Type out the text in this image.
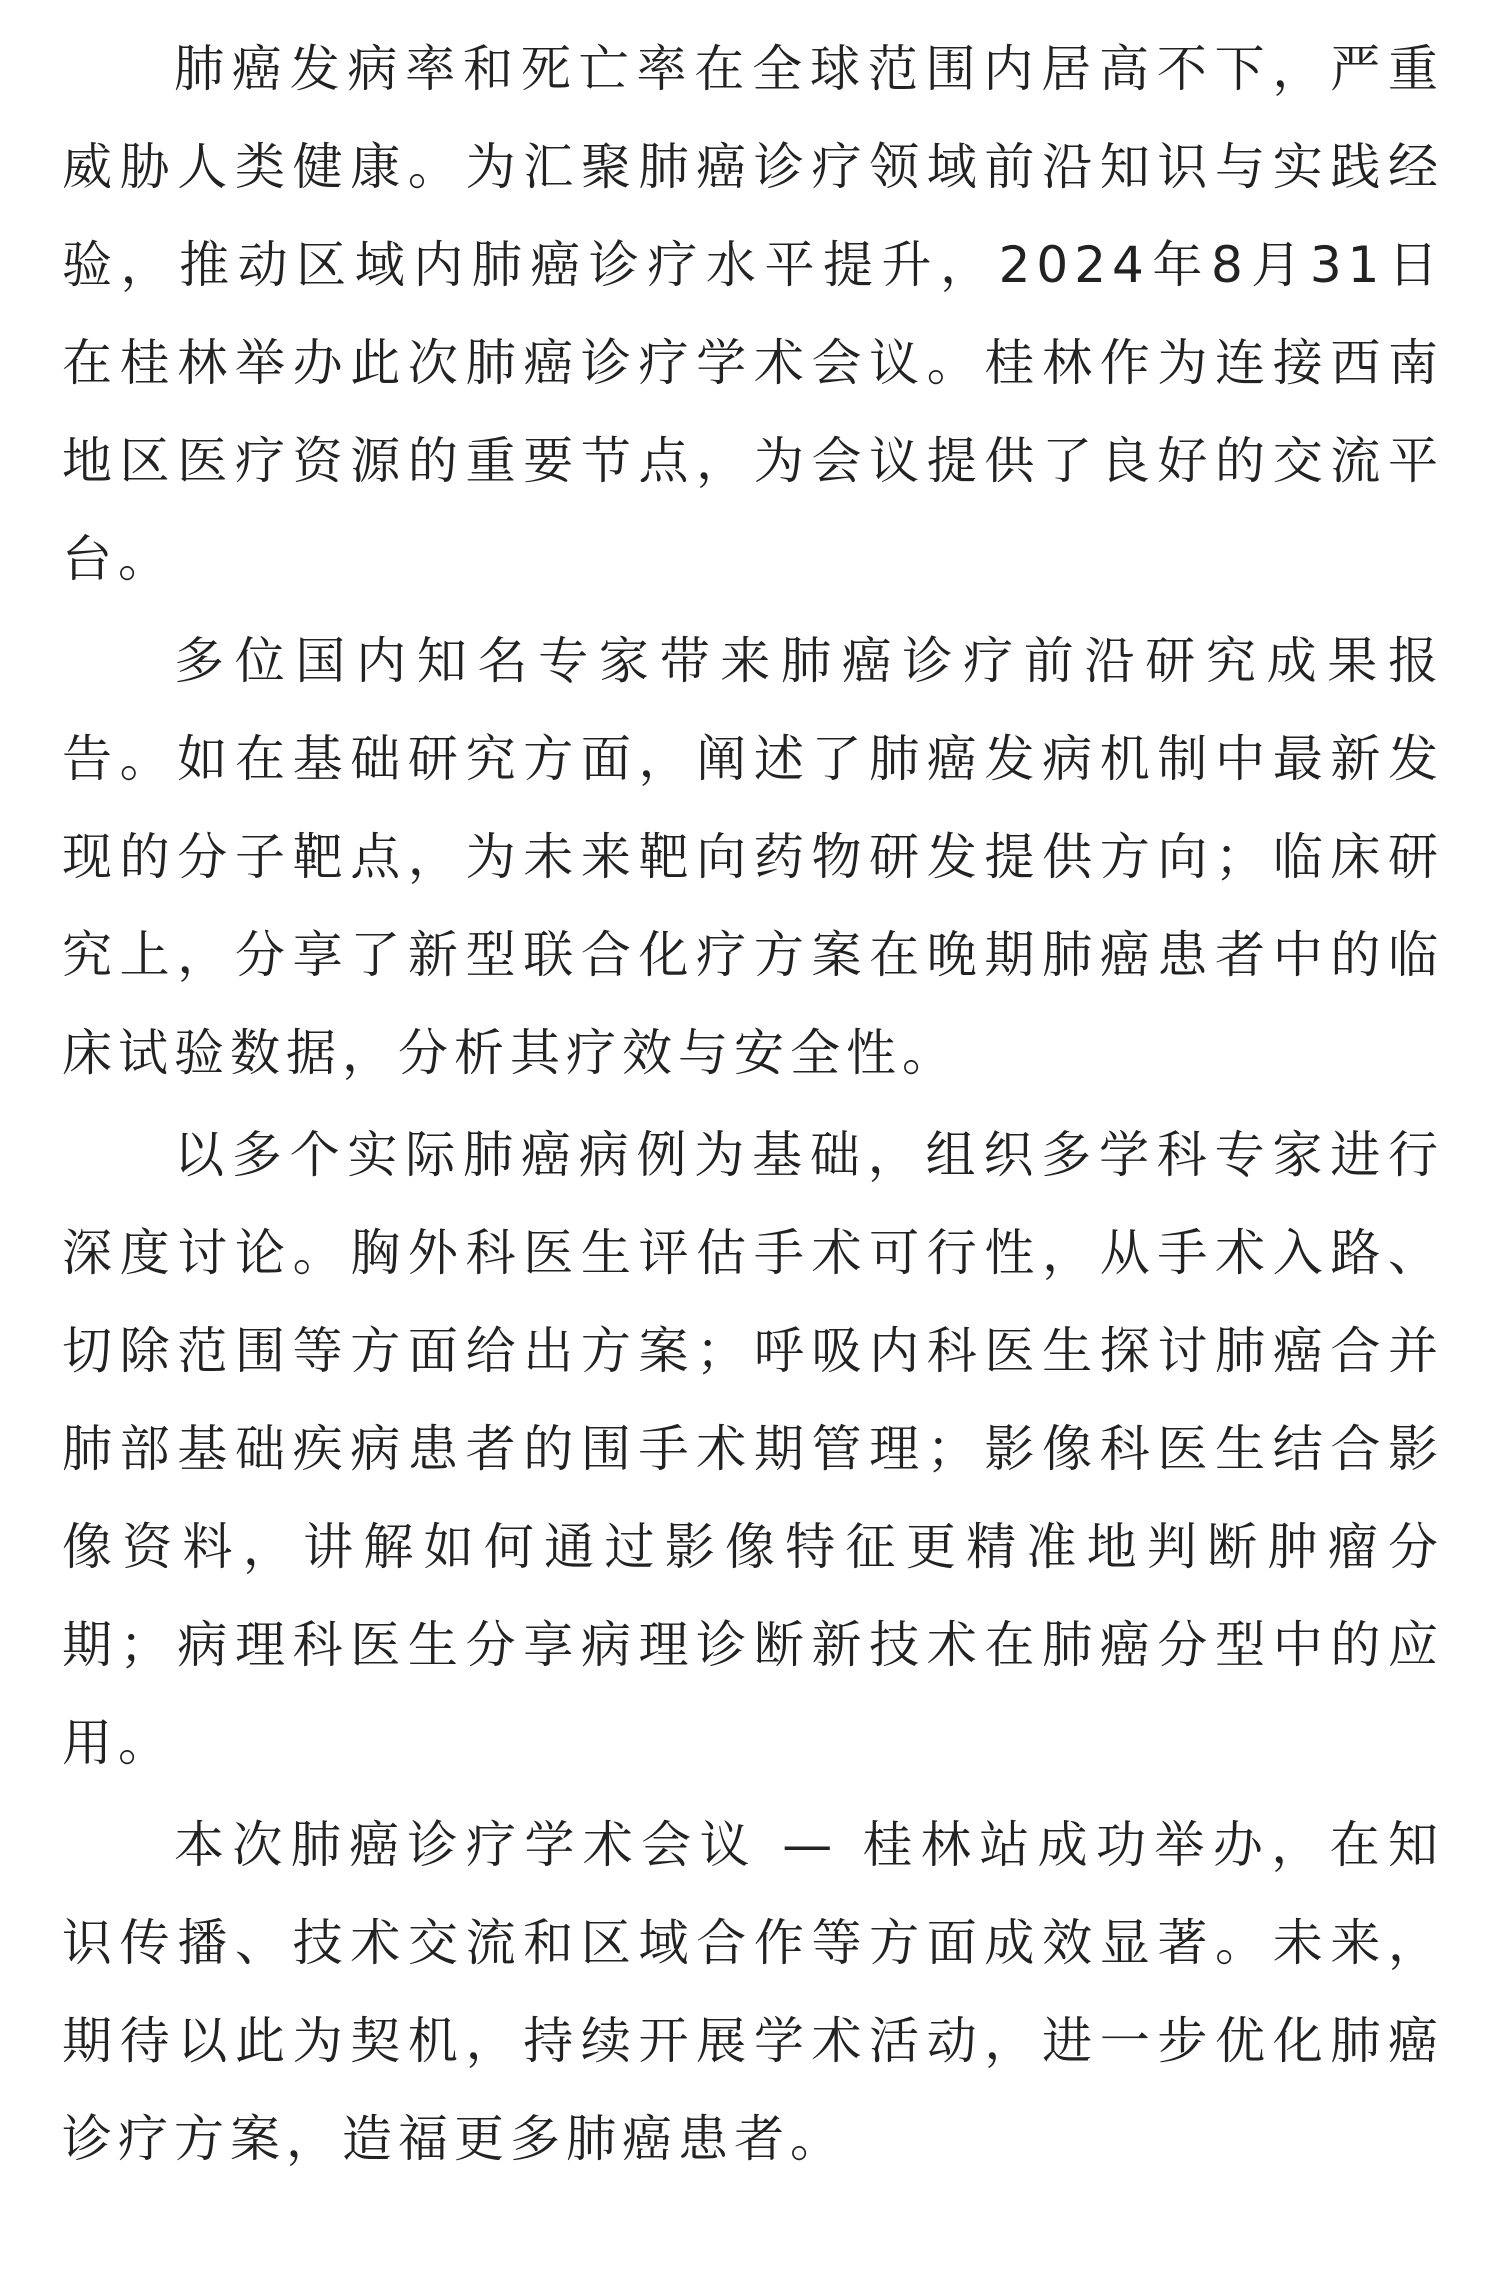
肺癌发病率和死亡率在全球范围内居高不下，严重威胁人类健康。为汇聚肺癌诊疗领域前沿知识与实践经验，推动区域内肺癌诊疗水平提升，2024年8月31日在桂林举办此次肺癌诊疗学术会议。桂林作为连接西南地区医疗资源的重要节点，为会议提供了良好的交流平台。

多位国内知名专家带来肺癌诊疗前沿研究成果报告。如在基础研究方面，阐述了肺癌发病机制中最新发现的分子靶点，为未来靶向药物研发提供方向；临床研究上，分享了新型联合化疗方案在晚期肺癌患者中的临床试验数据，分析其疗效与安全性。

以多个实际肺癌病例为基础，组织多学科专家进行深度讨论。胸外科医生评估手术可行性，从手术入路、切除范围等方面给出方案；呼吸内科医生探讨肺癌合并肺部基础疾病患者的围手术期管理；影像科医生结合影像资料，讲解如何通过影像特征更精准地判断肿瘤分期；病理科医生分享病理诊断新技术在肺癌分型中的应用。

本次肺癌诊疗学术会议 — 桂林站成功举办，在知识传播、技术交流和区域合作等方面成效显著。未来，期待以此为契机，持续开展学术活动，进一步优化肺癌诊疗方案，造福更多肺癌患者。
